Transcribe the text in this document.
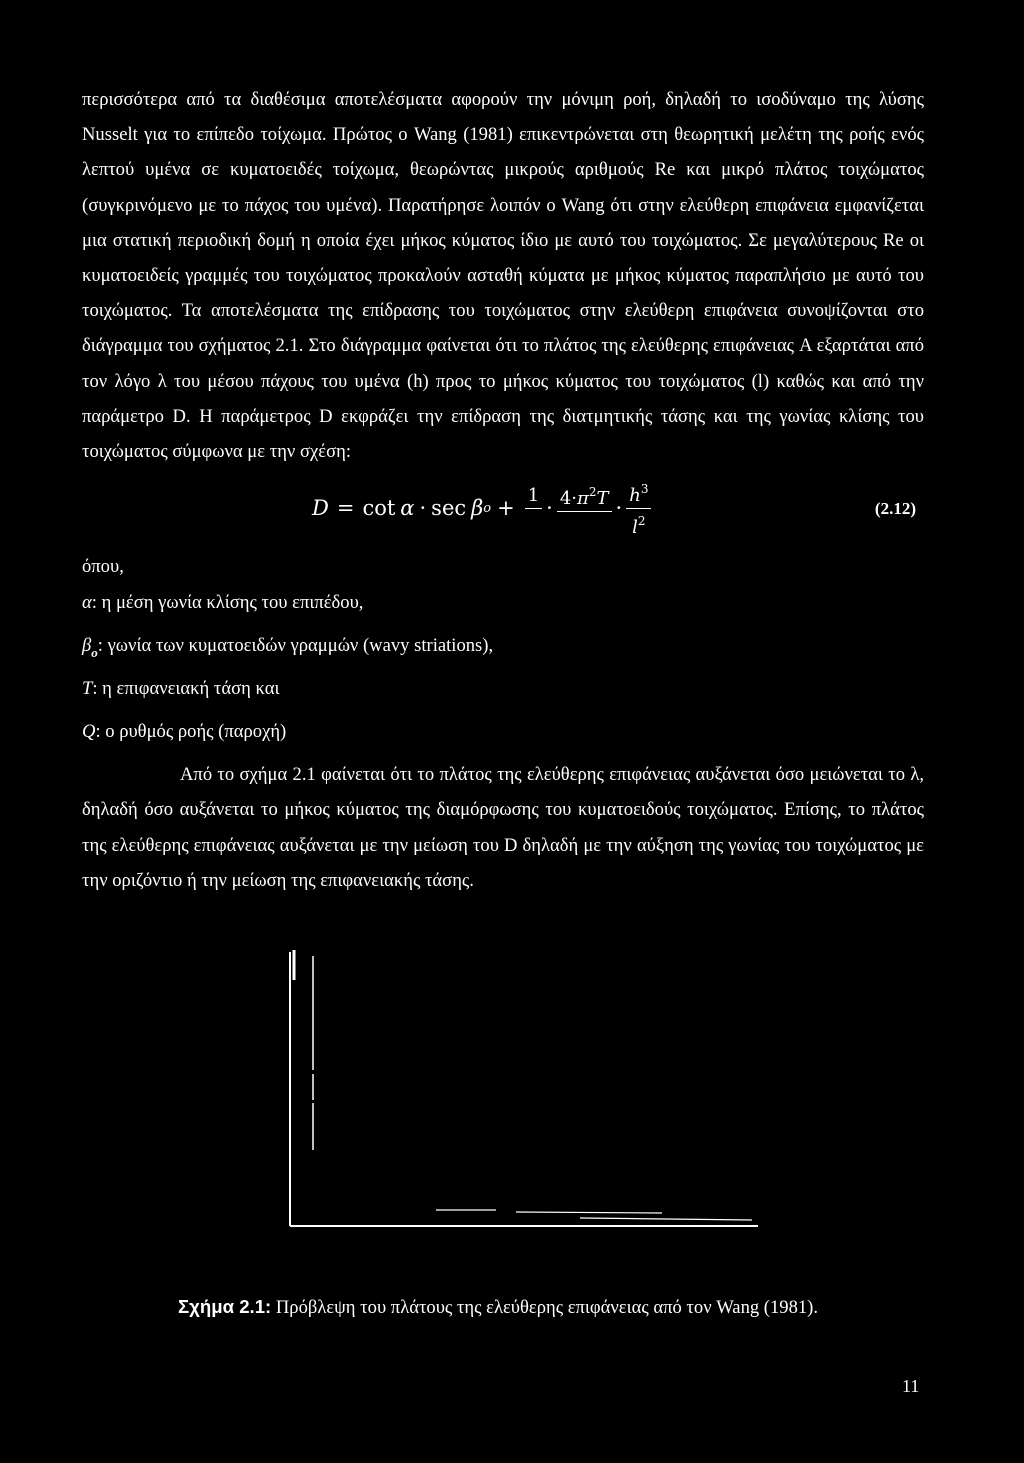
περισσότερα από τα διαθέσιμα αποτελέσματα αφορούν την μόνιμη ροή, δηλαδή το ισοδύναμο της λύσης Nusselt για το επίπεδο τοίχωμα. Πρώτος ο Wang (1981) επικεντρώνεται στη θεωρητική μελέτη της ροής ενός λεπτού υμένα σε κυματοειδές τοίχωμα, θεωρώντας μικρούς αριθμούς Re και μικρό πλάτος τοιχώματος (συγκρινόμενο με το πάχος του υμένα). Παρατήρησε λοιπόν ο Wang ότι στην ελεύθερη επιφάνεια εμφανίζεται μια στατική περιοδική δομή η οποία έχει μήκος κύματος ίδιο με αυτό του τοιχώματος. Σε μεγαλύτερους Re οι κυματοειδείς γραμμές του τοιχώματος προκαλούν ασταθή κύματα με μήκος κύματος παραπλήσιο με αυτό του τοιχώματος. Τα αποτελέσματα της επίδρασης του τοιχώματος στην ελεύθερη επιφάνεια συνοψίζονται στο διάγραμμα του σχήματος 2.1. Στο διάγραμμα φαίνεται ότι το πλάτος της ελεύθερης επιφάνειας A εξαρτάται από τον λόγο λ του μέσου πάχους του υμένα (h) προς το μήκος κύματος του τοιχώματος (l) καθώς και από την παράμετρο D. Η παράμετρος D εκφράζει την επίδραση της διατμητικής τάσης και της γωνίας κλίσης του τοιχώματος σύμφωνα με την σχέση:

D = cot α · sec β o +
1

· $4\cdot\pi^2T$
· $\frac{h^3}{l^2}$	(2.12)

όπου,

α: η μέση γωνία κλίσης του επιπέδου,

$\beta_o$: γωνία των κυματοειδών γραμμών (wavy striations),

T: η επιφανειακή τάση και

Q: ο ρυθμός ροής (παροχή)

Από το σχήμα 2.1 φαίνεται ότι το πλάτος της ελεύθερης επιφάνειας αυξάνεται όσο μειώνεται το λ, δηλαδή όσο αυξάνεται το μήκος κύματος της διαμόρφωσης του κυματοειδούς τοιχώματος. Επίσης, το πλάτος της ελεύθερης επιφάνειας αυξάνεται με την μείωση του D δηλαδή με την αύξηση της γωνίας του τοιχώματος με την οριζόντιο ή την μείωση της επιφανειακής τάσης.

Σχήμα 2.1: Πρόβλεψη του πλάτους της ελεύθερης επιφάνειας από τον Wang (1981).
11
